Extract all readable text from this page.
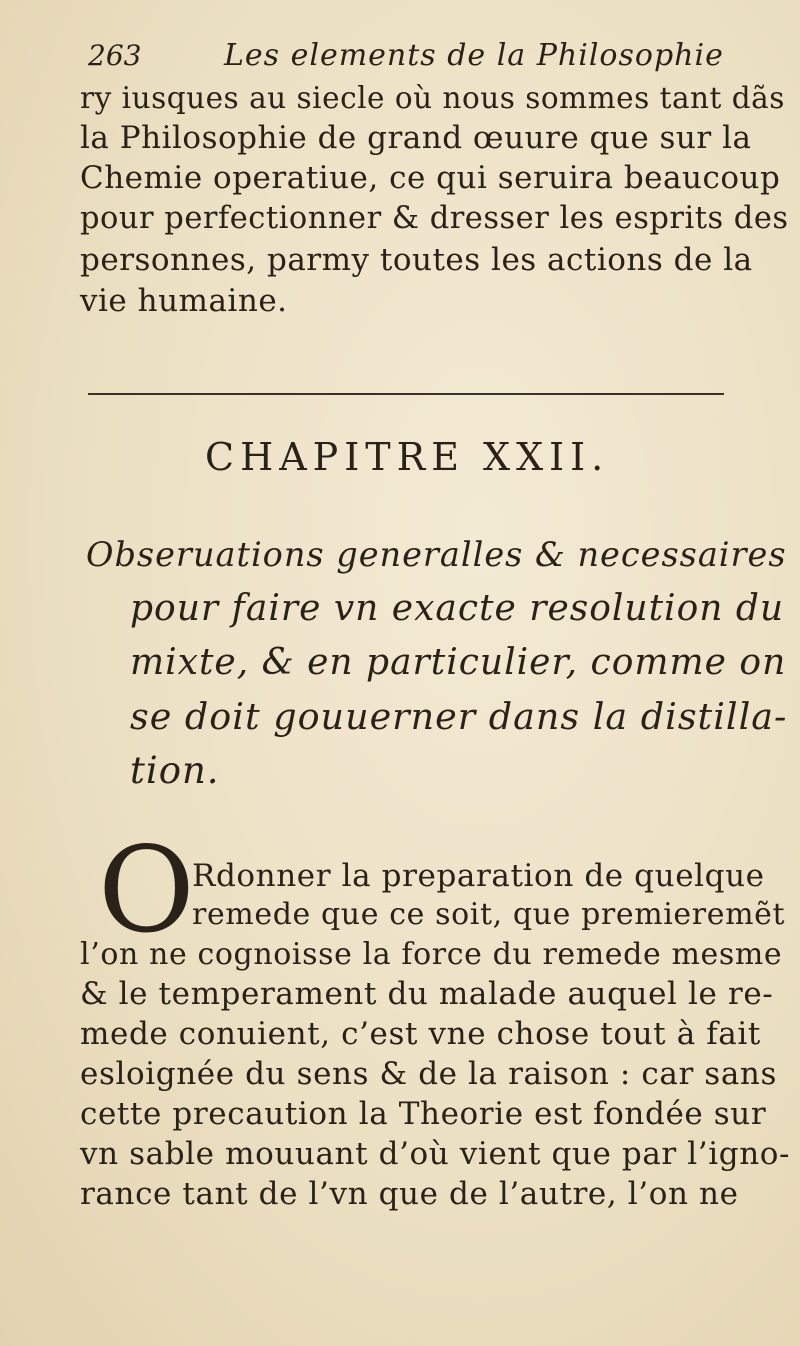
263	Les elements de la Philosophie
ry iusques au siecle où nous sommes tant dãs
la Philosophie de grand œuure que sur la
Chemie operatiue, ce qui seruira beaucoup
pour perfectionner & dresser les esprits des
personnes, parmy toutes les actions de la
vie humaine.
CHAPITRE XXII.
Obseruations generalles & necessaires
pour faire vn exacte resolution du
mixte, & en particulier, comme on
se doit gouuerner dans la distilla-
tion.
O
Rdonner la preparation de quelque
remede que ce soit, que premieremẽt
l’on ne cognoisse la force du remede mesme
& le temperament du malade auquel le re-
mede conuient, c’est vne chose tout à fait
esloignée du sens & de la raison : car sans
cette precaution la Theorie est fondée sur
vn sable mouuant d’où vient que par l’igno-
rance tant de l’vn que de l’autre, l’on ne
